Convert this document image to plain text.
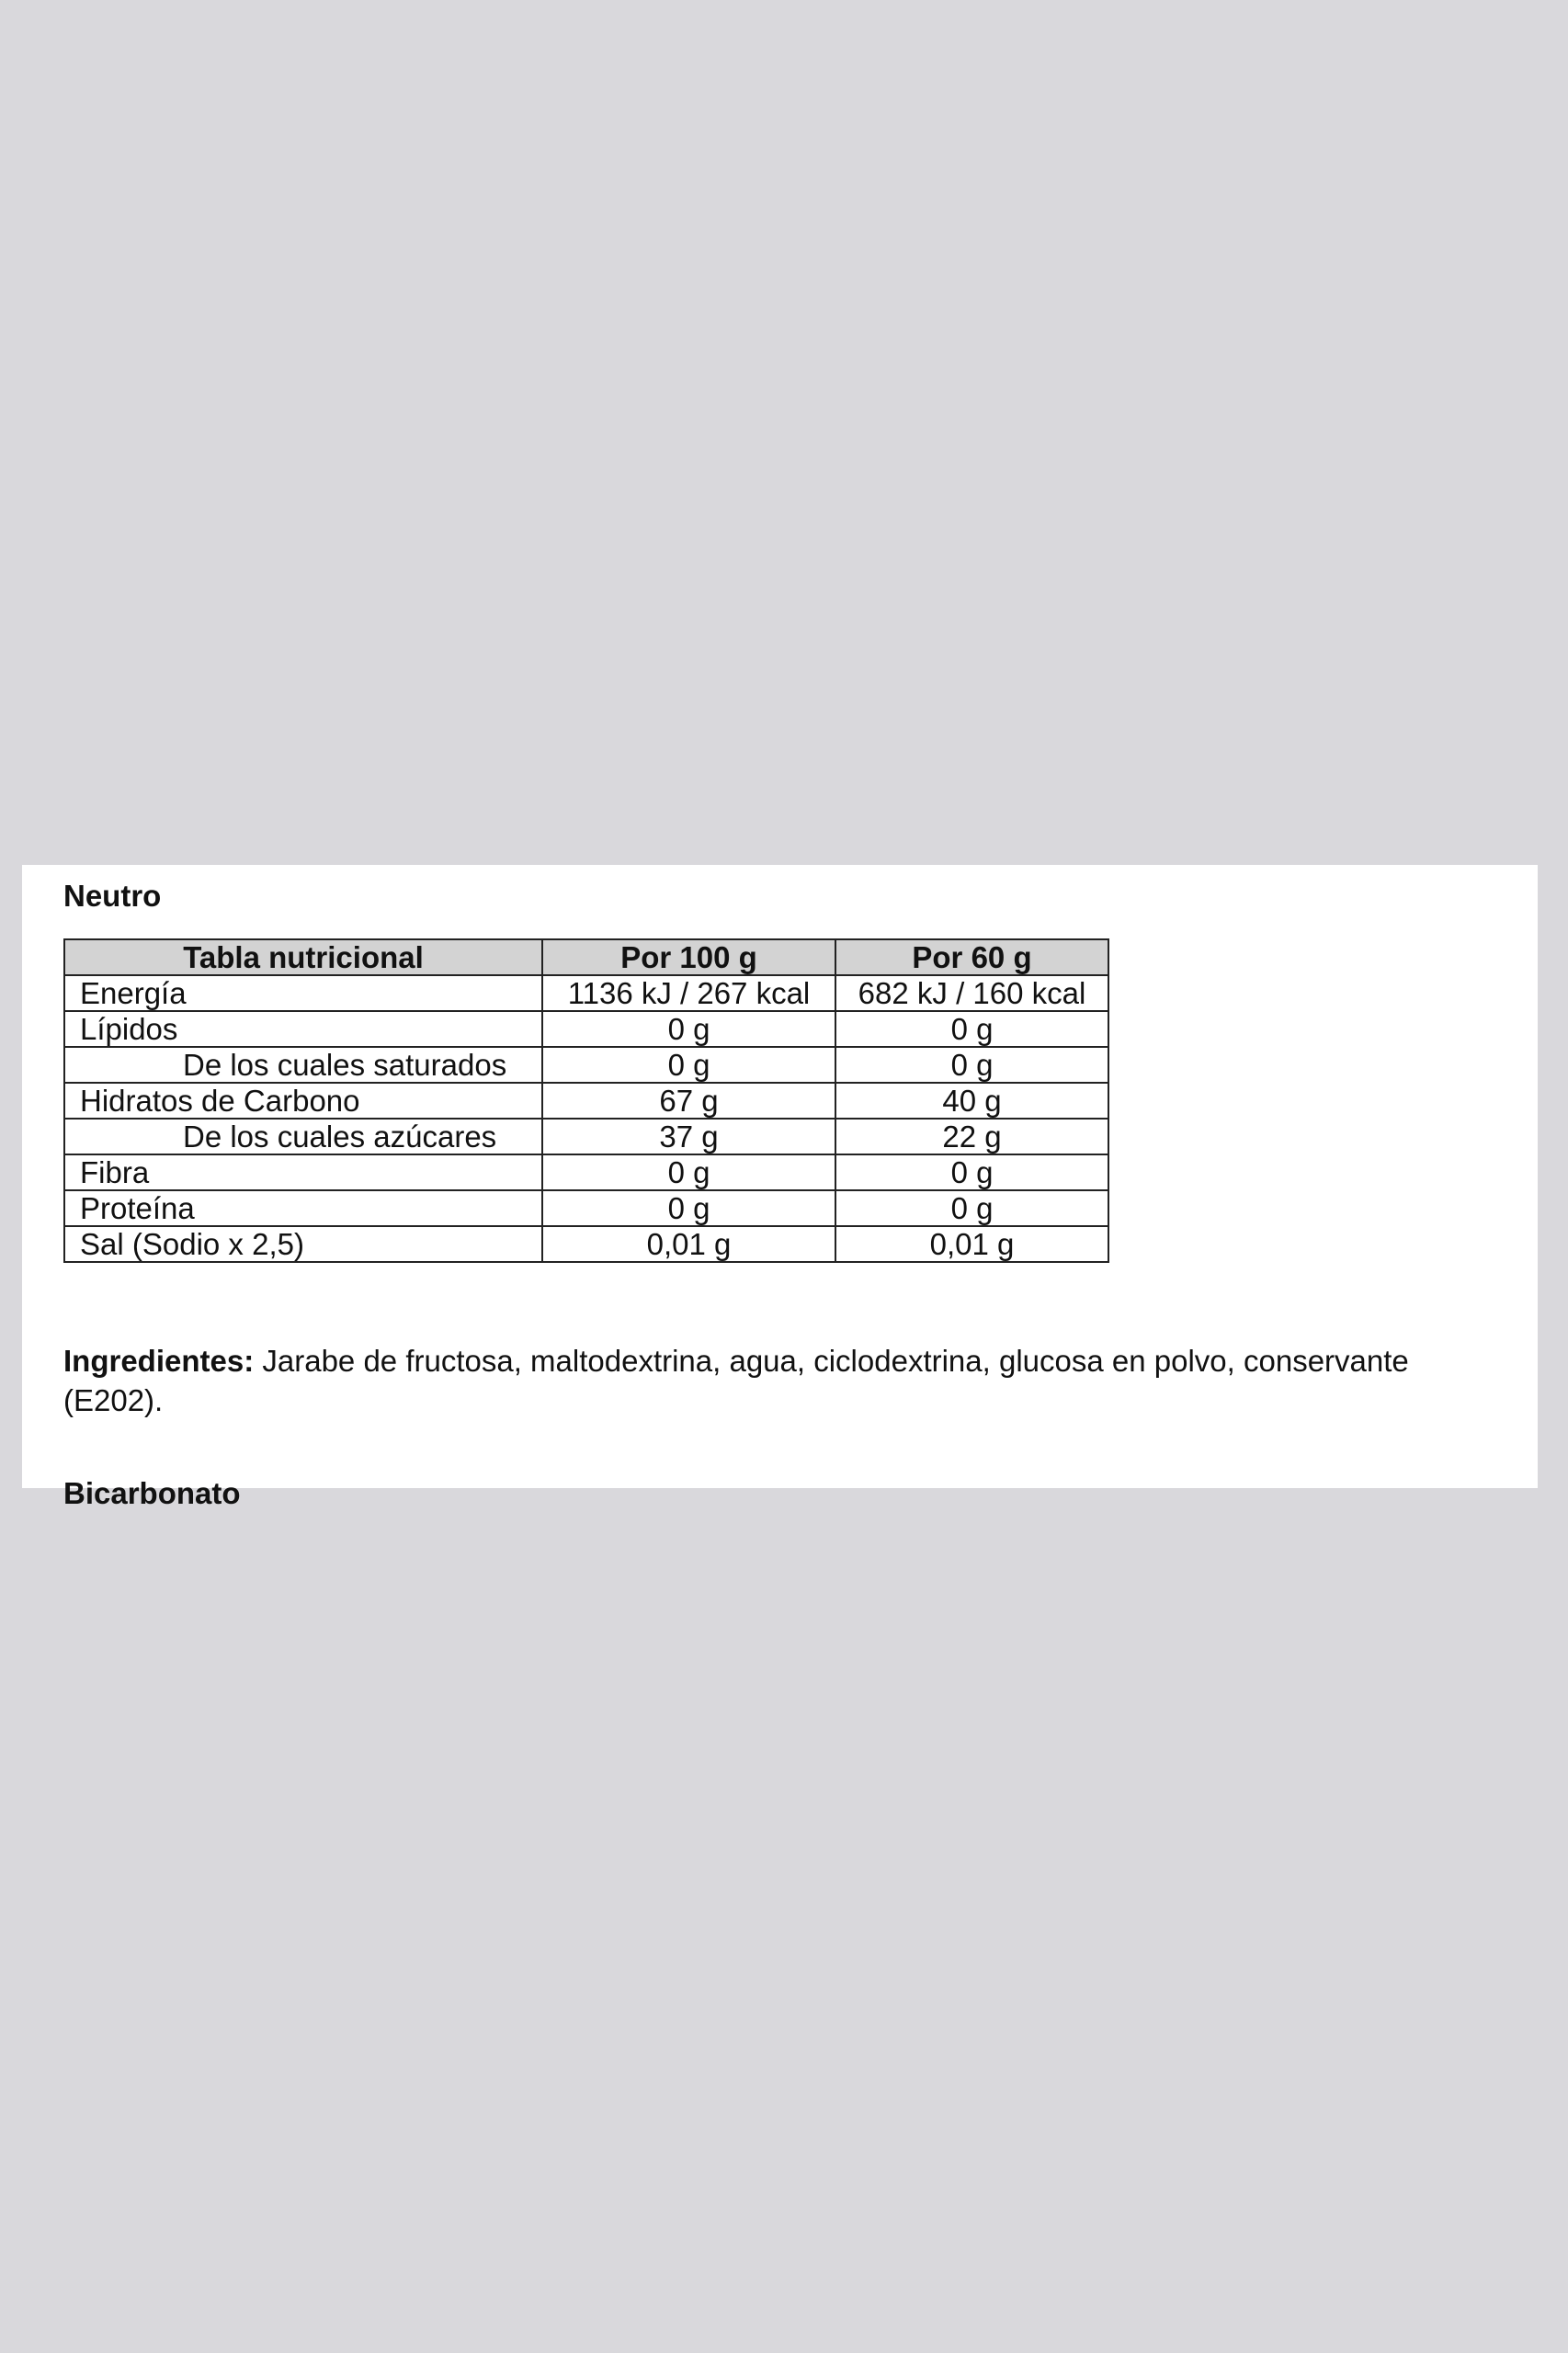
Neutro
Tabla nutricional	Por 100 g	Por 60 g
Energía	1136 kJ / 267 kcal	682 kJ / 160 kcal
Lípidos	0 g	0 g
De los cuales saturados	0 g	0 g
Hidratos de Carbono	67 g	40 g
De los cuales azúcares	37 g	22 g
Fibra	0 g	0 g
Proteína	0 g	0 g
Sal (Sodio x 2,5)	0,01 g	0,01 g

Ingredientes: Jarabe de fructosa, maltodextrina, agua, ciclodextrina, glucosa en polvo, conservante (E202).

Bicarbonato
